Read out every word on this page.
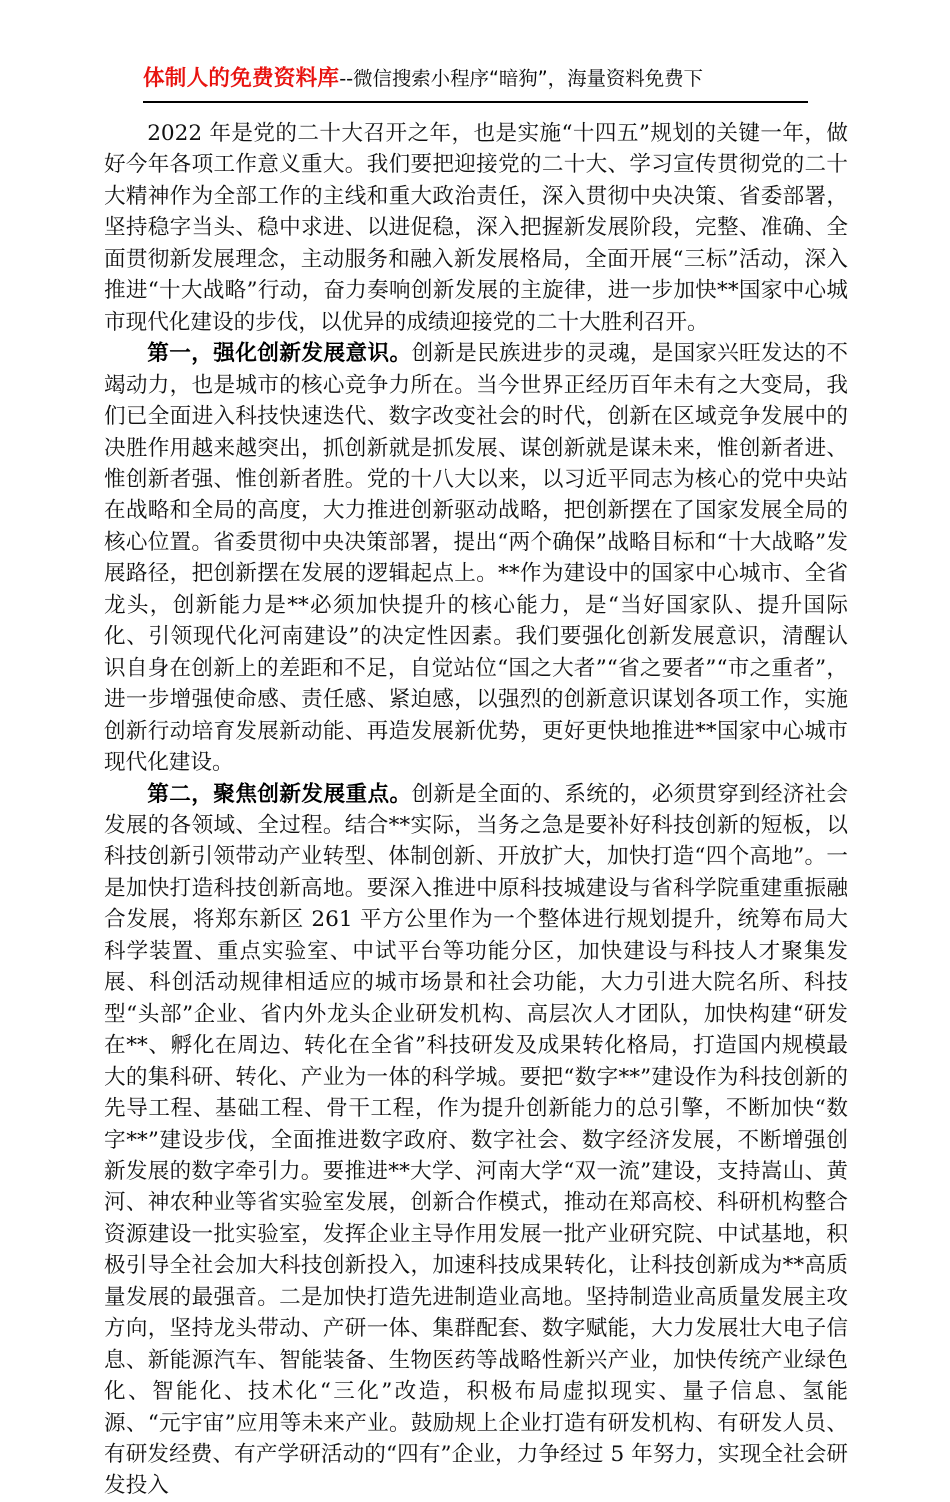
体制人的免费资料库--微信搜索小程序“暗狗”，海量资料免费下

2022 年是党的二十大召开之年，也是实施“十四五”规划的关键一年，做好今年各项工作意义重大。我们要把迎接党的二十大、学习宣传贯彻党的二十大精神作为全部工作的主线和重大政治责任，深入贯彻中央决策、省委部署，坚持稳字当头、稳中求进、以进促稳，深入把握新发展阶段，完整、准确、全面贯彻新发展理念，主动服务和融入新发展格局，全面开展“三标”活动，深入推进“十大战略”行动，奋力奏响创新发展的主旋律，进一步加快**国家中心城市现代化建设的步伐，以优异的成绩迎接党的二十大胜利召开。

第一，强化创新发展意识。创新是民族进步的灵魂，是国家兴旺发达的不竭动力，也是城市的核心竞争力所在。当今世界正经历百年未有之大变局，我们已全面进入科技快速迭代、数字改变社会的时代，创新在区域竞争发展中的决胜作用越来越突出，抓创新就是抓发展、谋创新就是谋未来，惟创新者进、惟创新者强、惟创新者胜。党的十八大以来，以习近平同志为核心的党中央站在战略和全局的高度，大力推进创新驱动战略，把创新摆在了国家发展全局的核心位置。省委贯彻中央决策部署，提出“两个确保”战略目标和“十大战略”发展路径，把创新摆在发展的逻辑起点上。**作为建设中的国家中心城市、全省龙头，创新能力是**必须加快提升的核心能力，是“当好国家队、提升国际化、引领现代化河南建设”的决定性因素。我们要强化创新发展意识，清醒认识自身在创新上的差距和不足，自觉站位“国之大者”“省之要者”“市之重者”，进一步增强使命感、责任感、紧迫感，以强烈的创新意识谋划各项工作，实施创新行动培育发展新动能、再造发展新优势，更好更快地推进**国家中心城市现代化建设。

第二，聚焦创新发展重点。创新是全面的、系统的，必须贯穿到经济社会发展的各领域、全过程。结合**实际，当务之急是要补好科技创新的短板，以科技创新引领带动产业转型、体制创新、开放扩大，加快打造“四个高地”。一是加快打造科技创新高地。要深入推进中原科技城建设与省科学院重建重振融合发展，将郑东新区 261 平方公里作为一个整体进行规划提升，统筹布局大科学装置、重点实验室、中试平台等功能分区，加快建设与科技人才聚集发展、科创活动规律相适应的城市场景和社会功能，大力引进大院名所、科技型“头部”企业、省内外龙头企业研发机构、高层次人才团队，加快构建“研发在**、孵化在周边、转化在全省”科技研发及成果转化格局，打造国内规模最大的集科研、转化、产业为一体的科学城。要把“数字**”建设作为科技创新的先导工程、基础工程、骨干工程，作为提升创新能力的总引擎，不断加快“数字**”建设步伐，全面推进数字政府、数字社会、数字经济发展，不断增强创新发展的数字牵引力。要推进**大学、河南大学“双一流”建设，支持嵩山、黄河、神农种业等省实验室发展，创新合作模式，推动在郑高校、科研机构整合资源建设一批实验室，发挥企业主导作用发展一批产业研究院、中试基地，积极引导全社会加大科技创新投入，加速科技成果转化，让科技创新成为**高质量发展的最强音。二是加快打造先进制造业高地。坚持制造业高质量发展主攻方向，坚持龙头带动、产研一体、集群配套、数字赋能，大力发展壮大电子信息、新能源汽车、智能装备、生物医药等战略性新兴产业，加快传统产业绿色化、智能化、技术化“三化”改造，积极布局虚拟现实、量子信息、氢能源、“元宇宙”应用等未来产业。鼓励规上企业打造有研发机构、有研发人员、有研发经费、有产学研活动的“四有”企业，力争经过 5 年努力，实现全社会研发投入
